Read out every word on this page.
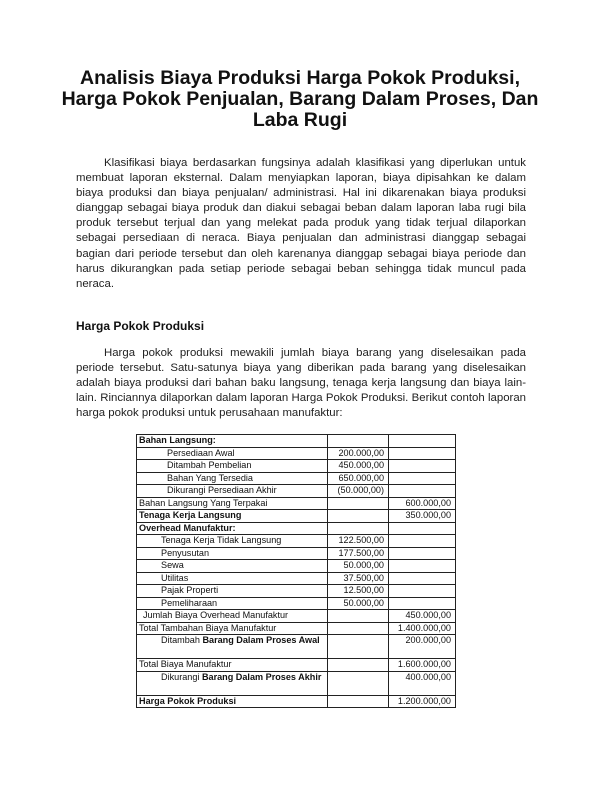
Analisis Biaya Produksi Harga Pokok Produksi, Harga Pokok Penjualan, Barang Dalam Proses, Dan Laba Rugi
Klasifikasi biaya berdasarkan fungsinya adalah klasifikasi yang diperlukan untuk membuat laporan eksternal. Dalam menyiapkan laporan, biaya dipisahkan ke dalam biaya produksi dan biaya penjualan/ administrasi. Hal ini dikarenakan biaya produksi dianggap sebagai biaya produk dan diakui sebagai beban dalam laporan laba rugi bila produk tersebut terjual dan yang melekat pada produk yang tidak terjual dilaporkan sebagai persediaan di neraca. Biaya penjualan dan administrasi dianggap sebagai bagian dari periode tersebut dan oleh karenanya dianggap sebagai biaya periode dan harus dikurangkan pada setiap periode sebagai beban sehingga tidak muncul pada neraca.
Harga Pokok Produksi
Harga pokok produksi mewakili jumlah biaya barang yang diselesaikan pada periode tersebut. Satu-satunya biaya yang diberikan pada barang yang diselesaikan adalah biaya produksi dari bahan baku langsung, tenaga kerja langsung dan biaya lain-lain. Rinciannya dilaporkan dalam laporan Harga Pokok Produksi. Berikut contoh laporan harga pokok produksi untuk perusahaan manufaktur:
Bahan Langsung:		
Persediaan Awal	200.000,00	
Ditambah Pembelian	450.000,00	
Bahan Yang Tersedia	650.000,00	
Dikurangi Persediaan Akhir	(50.000,00)	
Bahan Langsung Yang Terpakai		600.000,00
Tenaga Kerja Langsung		350.000,00
Overhead Manufaktur:		
Tenaga Kerja Tidak Langsung	122.500,00	
Penyusutan	177.500,00	
Sewa	50.000,00	
Utilitas	37.500,00	
Pajak Properti	12.500,00	
Pemeliharaan	50.000,00	
Jumlah Biaya Overhead Manufaktur		450.000,00
Total Tambahan Biaya Manufaktur		1.400.000,00
Ditambah Barang Dalam Proses Awal		200.000,00
Total Biaya Manufaktur		1.600.000,00
Dikurangi Barang Dalam Proses Akhir		400.000,00
Harga Pokok Produksi		1.200.000,00
